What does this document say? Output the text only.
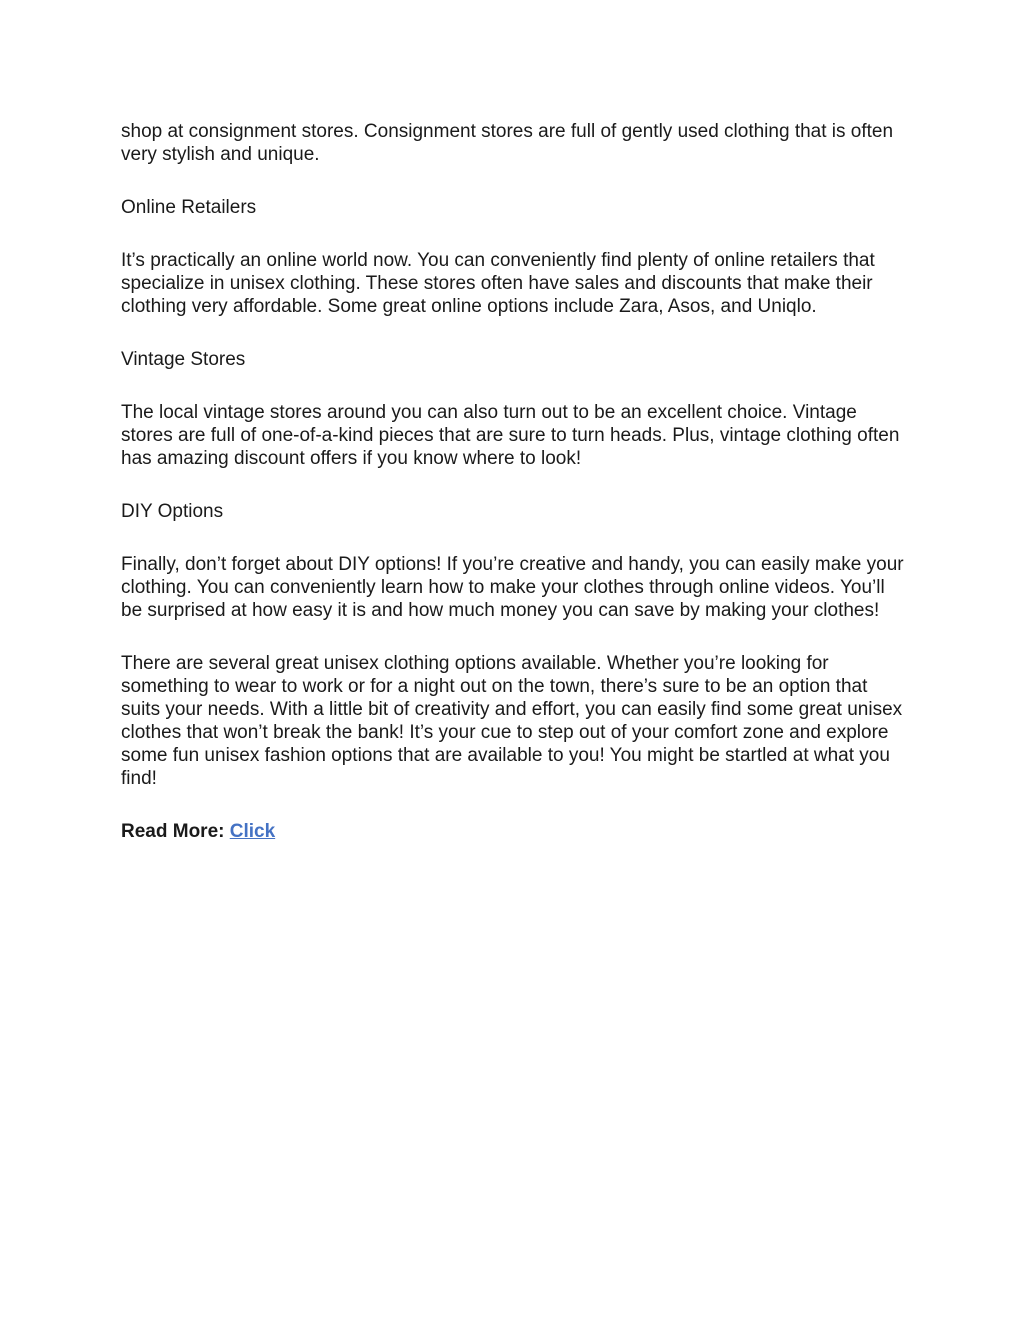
shop at consignment stores. Consignment stores are full of gently used clothing that is often very stylish and unique.

Online Retailers

It’s practically an online world now. You can conveniently find plenty of online retailers that specialize in unisex clothing. These stores often have sales and discounts that make their clothing very affordable. Some great online options include Zara, Asos, and Uniqlo.

Vintage Stores

The local vintage stores around you can also turn out to be an excellent choice. Vintage stores are full of one-of-a-kind pieces that are sure to turn heads. Plus, vintage clothing often has amazing discount offers if you know where to look!

DIY Options

Finally, don’t forget about DIY options! If you’re creative and handy, you can easily make your clothing. You can conveniently learn how to make your clothes through online videos. You’ll be surprised at how easy it is and how much money you can save by making your clothes!

There are several great unisex clothing options available. Whether you’re looking for something to wear to work or for a night out on the town, there’s sure to be an option that suits your needs. With a little bit of creativity and effort, you can easily find some great unisex clothes that won’t break the bank! It’s your cue to step out of your comfort zone and explore some fun unisex fashion options that are available to you! You might be startled at what you find!

Read More: Click
